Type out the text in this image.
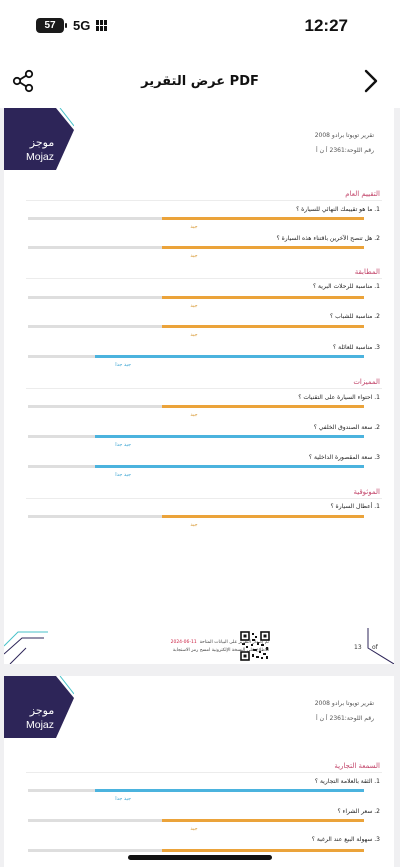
57 5G	12:27
عرض التقرير PDF
موجز
Mojaz
تقرير تويوتا برادو 2008
رقم اللوحة:2361 أ ن أ
التقييم العام
1. ما هو تقييمك النهائي للسيارة ؟
جيد
2. هل تنصح الآخرين باقتناء هذه السيارة ؟
جيد
المطابقة
1. مناسبة للرحلات البرية ؟
جيد
2. مناسبة للشباب ؟
جيد
3. مناسبة للعائلة ؟
جيد جدا
المميزات
1. احتواء السيارة على التقنيات ؟
جيد
2. سعة الصندوق الخلفي ؟
جيد جدا
3. سعة المقصورة الداخلية ؟
جيد جدا
الموثوقية
1. أعطال السيارة ؟
جيد
2024-06-11 تم إصدار التقرير على البيانات المتاحة
للاطلاع على النسخة الإلكترونية امسح رمز الاستجابة	13 of
موجز
Mojaz
تقرير تويوتا برادو 2008
رقم اللوحة:2361 أ ن أ
السمعة التجارية
1. الثقة بالعلامة التجارية ؟
جيد جدا
2. سعر الشراء ؟
جيد
3. سهولة البيع عند الرغبة ؟
